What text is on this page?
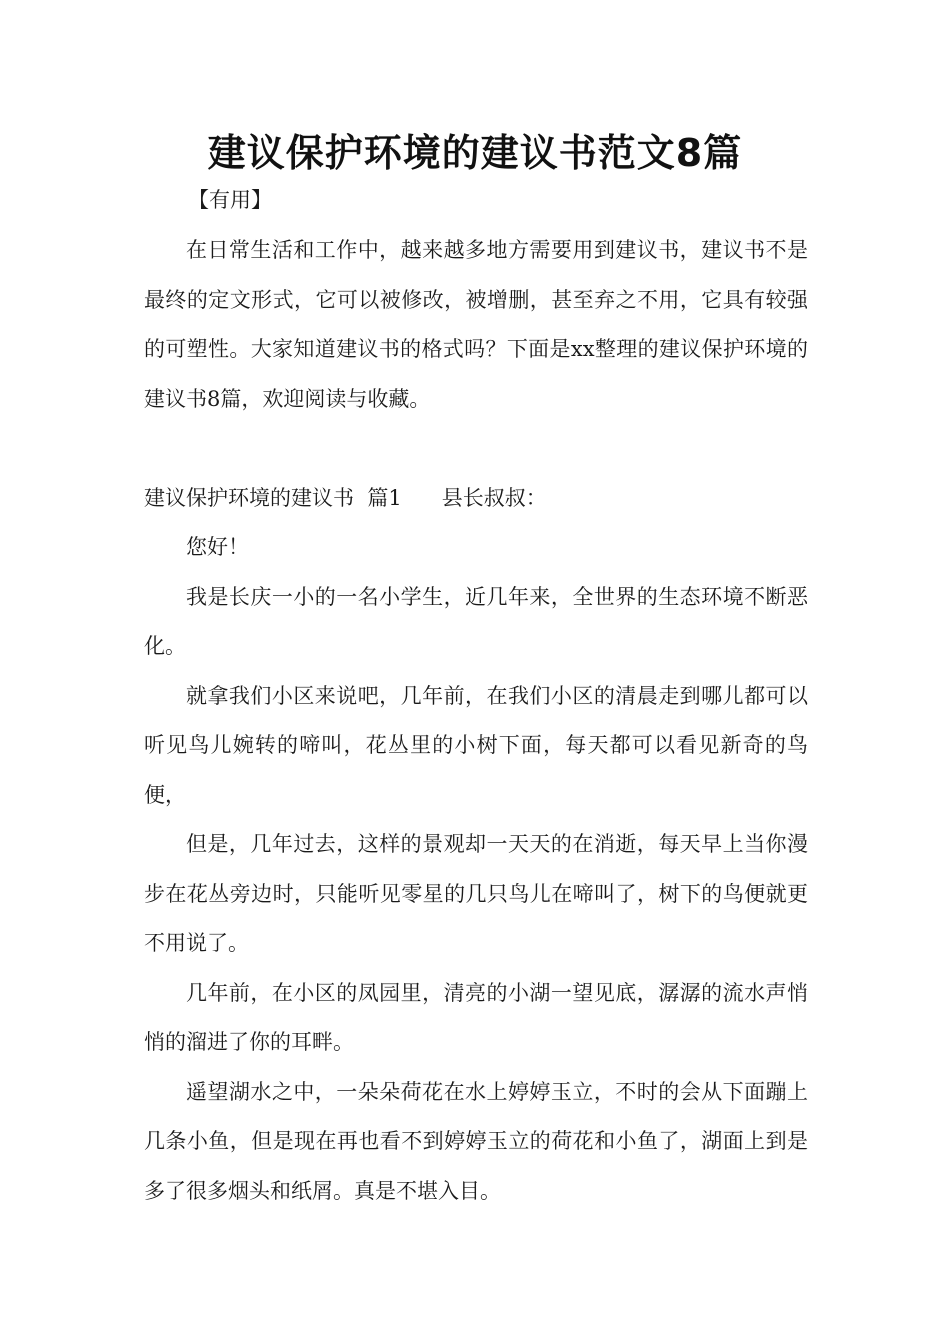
建议保护环境的建议书范文8篇
【有用】

在日常生活和工作中，越来越多地方需要用到建议书，建议书不是最终的定文形式，它可以被修改，被增删，甚至弃之不用，它具有较强的可塑性。大家知道建议书的格式吗？下面是xx整理的建议保护环境的建议书8篇，欢迎阅读与收藏。

建议保护环境的建议书  篇1      县长叔叔：

您好！

我是长庆一小的一名小学生，近几年来，全世界的生态环境不断恶化。

就拿我们小区来说吧，几年前，在我们小区的清晨走到哪儿都可以听见鸟儿婉转的啼叫，花丛里的小树下面，每天都可以看见新奇的鸟便，

但是，几年过去，这样的景观却一天天的在消逝，每天早上当你漫步在花丛旁边时，只能听见零星的几只鸟儿在啼叫了，树下的鸟便就更不用说了。

几年前，在小区的凤园里，清亮的小湖一望见底，潺潺的流水声悄悄的溜进了你的耳畔。

遥望湖水之中，一朵朵荷花在水上婷婷玉立，不时的会从下面蹦上几条小鱼，但是现在再也看不到婷婷玉立的荷花和小鱼了，湖面上到是多了很多烟头和纸屑。真是不堪入目。
